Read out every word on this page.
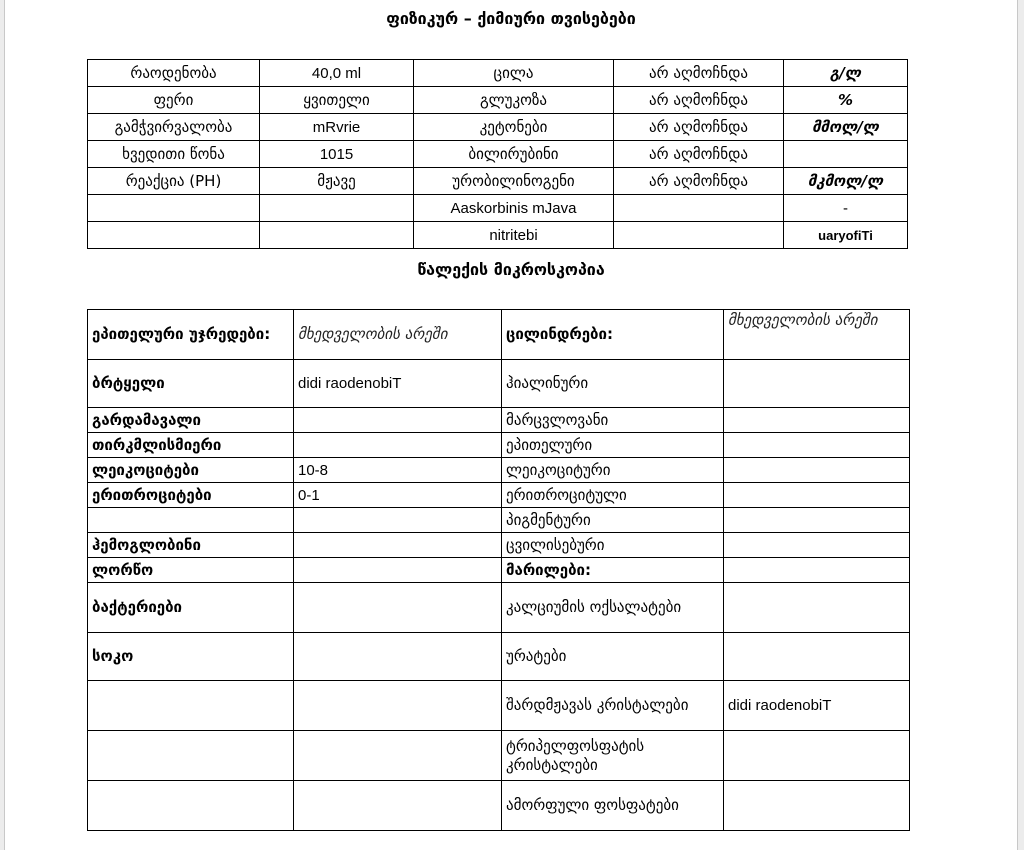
ფიზიკურ – ქიმიური თვისებები
რაოდენობა	40,0 ml	ცილა	არ აღმოჩნდა	გ/ლ
ფერი	ყვითელი	გლუკოზა	არ აღმოჩნდა	%
გამჭვირვალობა	mRvrie	კეტონები	არ აღმოჩნდა	მმოლ/ლ
ხვედითი წონა	1015	ბილირუბინი	არ აღმოჩნდა	
რეაქცია (PH)	მჟავე	ურობილინოგენი	არ აღმოჩნდა	მკმოლ/ლ
		Aaskorbinis mJava		-
		nitritebi		uaryofiTi
წალექის მიკროსკოპია
ეპითელური უჯრედები:	მხედველობის არეში	ცილინდრები:	მხედველობის არეში
ბრტყელი	didi raodenobiT	ჰიალინური	
გარდამავალი		მარცვლოვანი	
თირკმლისმიერი		ეპითელური	
ლეიკოციტები	10-8	ლეიკოციტური	
ერითროციტები	0-1	ერითროციტული	
		პიგმენტური	
ჰემოგლობინი		ცვილისებური	
ლორწო		მარილები:	
ბაქტერიები		კალციუმის ოქსალატები	
სოკო		ურატები	
		შარდმჟავას კრისტალები	didi raodenobiT
		ტრიპელფოსფატის კრისტალები	
		ამორფული ფოსფატები	
